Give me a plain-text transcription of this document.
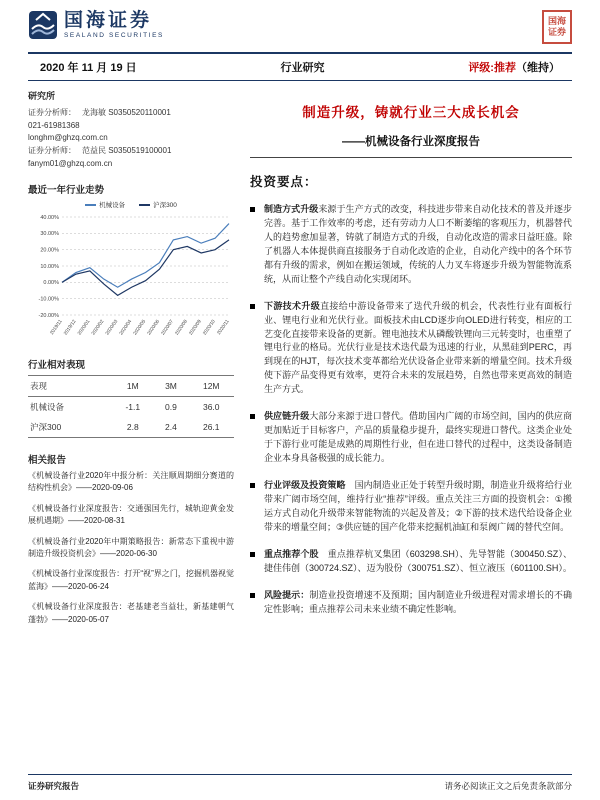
国海证券
SEALAND SECURITIES
国海 证券
2020 年 11 月 19 日	行业研究	评级:推荐（维持）
研究所
证券分析师： 龙海敏 S0350520110001
021-61981368
longhm@ghzq.com.cn
证券分析师： 范益民 S0350519100001
fanym01@ghzq.com.cn
最近一年行业走势
机械设备	沪深300
40.00%
30.00%
20.00%
10.00%
0.00%
-10.00%
-20.00%
2019/11 2019/12 2020/01 2020/02 2020/03 2020/04 2020/05 2020/06 2020/07 2020/08 2020/09 2020/10 2020/11
行业相对表现
表现	1M	3M	12M
机械设备	-1.1	0.9	36.0
沪深300	2.8	2.4	26.1
相关报告
《机械设备行业2020年中报分析：关注顺周期细分赛道的结构性机会》——2020-09-06
《机械设备行业深度报告：交通强国先行，城轨迎黄金发展机遇期》——2020-08-31
《机械设备行业2020年中期策略报告：新常态下重视中游制造升级投资机会》——2020-06-30
《机械设备行业深度报告：打开“视”界之门，挖掘机器视觉蓝海》——2020-06-24
《机械设备行业深度报告：老基建老当益壮，新基建朝气蓬勃》——2020-05-07
制造升级，铸就行业三大成长机会
——机械设备行业深度报告
投资要点：
制造方式升级来源于生产方式的改变，科技进步带来自动化技术的普及并逐步完善。基于工作效率的考虑，还有劳动力人口不断萎缩的客观压力，机器替代人的趋势愈加显著，铸就了制造方式的升级，自动化改造的需求日益旺盛。除了机器人本体提供商直接服务于自动化改造的企业，自动化产线中的各个环节都有升级的需求，例如在搬运领域，传统的人力叉车将逐步升级为智能物流系统，从而让整个产线自动化实现闭环。
下游技术升级直接给中游设备带来了迭代升级的机会，代表性行业有面板行业、锂电行业和光伏行业。面板技术由LCD逐步向OLED进行转变，相应的工艺变化直接带来设备的更新。锂电池技术从磷酸铁锂向三元转变时，也重塑了锂电行业的格局。光伏行业是技术迭代最为迅速的行业，从黑硅到PERC，再到现在的HJT，每次技术变革都给光伏设备企业带来新的增量空间。技术升级使下游产品变得更有效率，更符合未来的发展趋势，自然也带来更高效的制造生产方式。
供应链升级大部分来源于进口替代。借助国内广阔的市场空间，国内的供应商更加贴近于目标客户，产品的质量稳步提升，最终实现进口替代。这类企业处于下游行业可能是成熟的周期性行业，但在进口替代的过程中，这类设备制造企业本身具备极强的成长能力。
行业评级及投资策略　国内制造业正处于转型升级时期，制造业升级将给行业带来广阔市场空间，维持行业“推荐”评级。重点关注三方面的投资机会：①搬运方式自动化升级带来智能物流的兴起及普及；②下游的技术迭代给设备企业带来的增量空间；③供应链的国产化带来挖掘机油缸和泵阀广阔的替代空间。
重点推荐个股　重点推荐杭叉集团（603298.SH）、先导智能（300450.SZ）、捷佳伟创（300724.SZ）、迈为股份（300751.SZ）、恒立液压（601100.SH）。
风险提示：制造业投资增速不及预期；国内制造业升级进程对需求增长的不确定性影响；重点推荐公司未来业绩不确定性影响。
证券研究报告	请务必阅读正文之后免责条款部分
